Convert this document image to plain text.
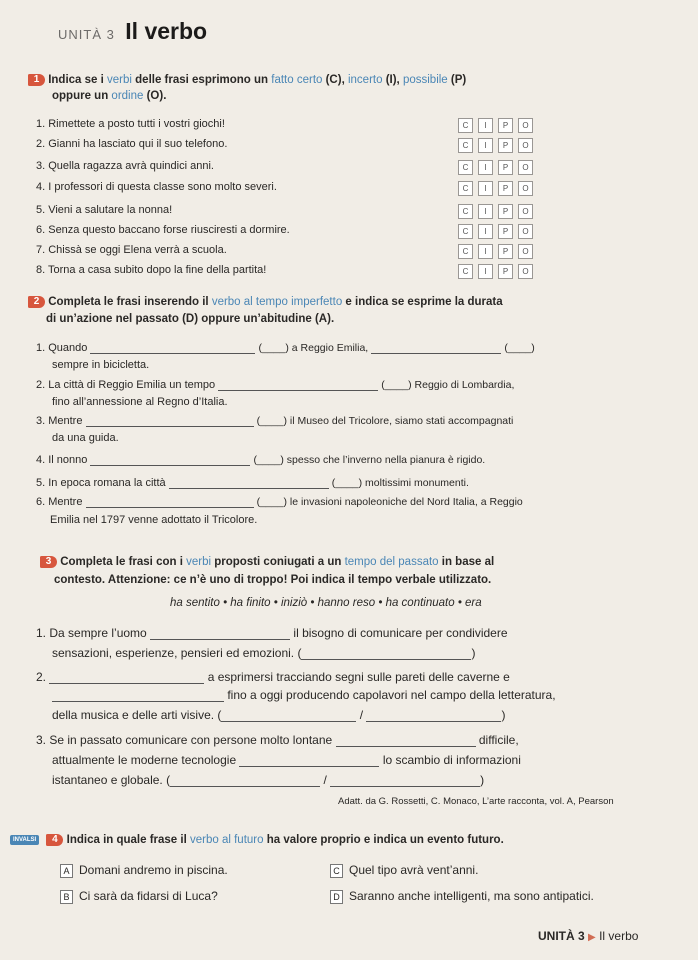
UNITÀ 3 Il verbo
1 Indica se i verbi delle frasi esprimono un fatto certo (C), incerto (I), possibile (P)
oppure un ordine (O).
1. Rimettete a posto tutti i vostri giochi!	C	I	P	O
2. Gianni ha lasciato qui il suo telefono.	C	I	P	O
3. Quella ragazza avrà quindici anni.	C	I	P	O
4. I professori di questa classe sono molto severi.	C	I	P	O
5. Vieni a salutare la nonna!	C	I	P	O
6. Senza questo baccano forse riusciresti a dormire.	C	I	P	O
7. Chissà se oggi Elena verrà a scuola.	C	I	P	O
8. Torna a casa subito dopo la fine della partita!	C	I	P	O
2 Completa le frasi inserendo il verbo al tempo imperfetto e indica se esprime la durata
di un’azione nel passato (D) oppure un’abitudine (A).
1. Quando	(____) a Reggio Emilia,	(____)
sempre in bicicletta.
2. La città di Reggio Emilia un tempo	(____) Reggio di Lombardia,
fino all’annessione al Regno d’Italia.
3. Mentre	(____) il Museo del Tricolore, siamo stati accompagnati
da una guida.
4. Il nonno	(____) spesso che l’inverno nella pianura è rigido.
5. In epoca romana la città	(____) moltissimi monumenti.
6. Mentre	(____) le invasioni napoleoniche del Nord Italia, a Reggio
Emilia nel 1797 venne adottato il Tricolore.
3 Completa le frasi con i verbi proposti coniugati a un tempo del passato in base al
contesto. Attenzione: ce n’è uno di troppo! Poi indica il tempo verbale utilizzato.
ha sentito • ha finito • iniziò • hanno reso • ha continuato • era
1. Da sempre l’uomo	il bisogno di comunicare per condividere
sensazioni, esperienze, pensieri ed emozioni. (	)
2.	a esprimersi tracciando segni sulle pareti delle caverne e
fino a oggi producendo capolavori nel campo della letteratura,
della musica e delle arti visive. (	/	)
3. Se in passato comunicare con persone molto lontane	difficile,
attualmente le moderne tecnologie	lo scambio di informazioni
istantaneo e globale. (	/	)
Adatt. da G. Rossetti, C. Monaco, L’arte racconta, vol. A, Pearson
INVALSI 4 Indica in quale frase il verbo al futuro ha valore proprio e indica un evento futuro.
A Domani andremo in piscina.	C Quel tipo avrà vent’anni.
B Ci sarà da fidarsi di Luca?	D Saranno anche intelligenti, ma sono antipatici.
UNITÀ 3 ▶ Il verbo
